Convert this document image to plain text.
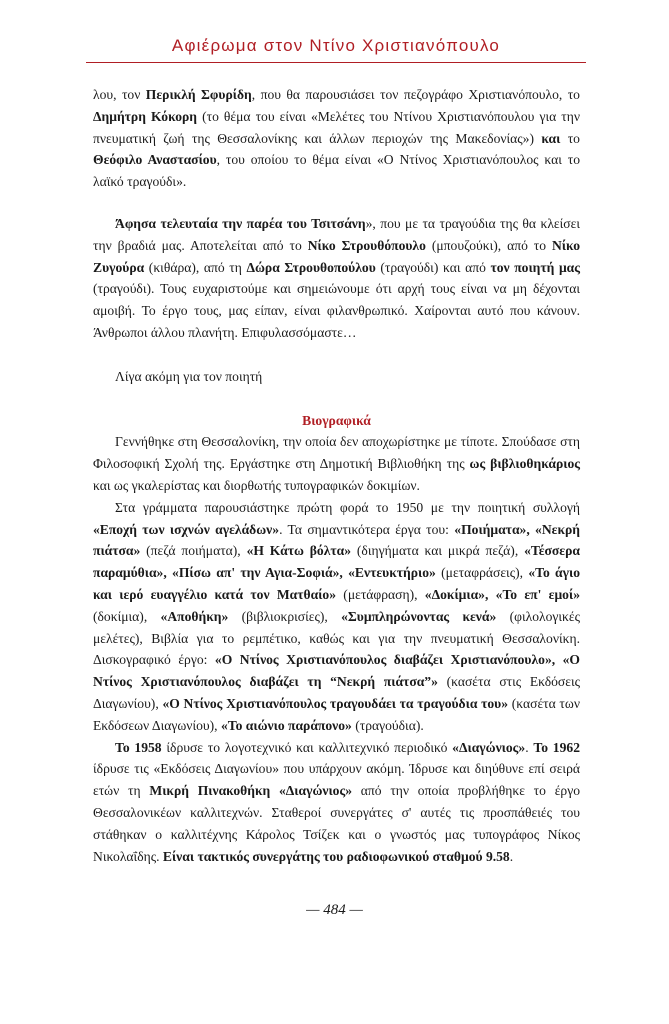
Αφιέρωμα στον Ντίνο Χριστιανόπουλο

λου, τον Περικλή Σφυρίδη, που θα παρουσιάσει τον πεζογράφο Χριστιανόπουλο, το Δημήτρη Κόκορη (το θέμα του είναι «Μελέτες του Ντίνου Χριστιανόπουλου για την πνευματική ζωή της Θεσσαλονίκης και άλλων περιοχών της Μακεδονίας») και το Θεόφιλο Αναστασίου, του οποίου το θέμα είναι «Ο Ντίνος Χριστιανόπουλος και το λαϊκό τραγούδι».

Άφησα τελευταία την παρέα του Τσιτσάνη», που με τα τραγούδια της θα κλείσει την βραδιά μας. Αποτελείται από το Νίκο Στρουθόπουλο (μπουζούκι), από το Νίκο Ζυγούρα (κιθάρα), από τη Δώρα Στρουθοπούλου (τραγούδι) και από τον ποιητή μας (τραγούδι). Τους ευχαριστούμε και σημειώνουμε ότι αρχή τους είναι να μη δέχονται αμοιβή. Το έργο τους, μας είπαν, είναι φιλανθρωπικό. Χαίρονται αυτό που κάνουν. Άνθρωποι άλλου πλανήτη. Επιφυλασσόμαστε…

Λίγα ακόμη για τον ποιητή

Βιογραφικά

Γεννήθηκε στη Θεσσαλονίκη, την οποία δεν αποχωρίστηκε με τίποτε. Σπούδασε στη Φιλοσοφική Σχολή της. Εργάστηκε στη Δημοτική Βιβλιοθήκη της ως βιβλιοθηκάριος και ως γκαλερίστας και διορθωτής τυπογραφικών δοκιμίων.

Στα γράμματα παρουσιάστηκε πρώτη φορά το 1950 με την ποιητική συλλογή «Εποχή των ισχνών αγελάδων». Τα σημαντικότερα έργα του: «Ποιήματα», «Νεκρή πιάτσα» (πεζά ποιήματα), «Η Κάτω βόλτα» (διηγήματα και μικρά πεζά), «Τέσσερα παραμύθια», «Πίσω απ' την Αγια-Σοφιά», «Εντευκτήριο» (μεταφράσεις), «Το άγιο και ιερό ευαγγέλιο κατά τον Ματθαίο» (μετάφραση), «Δοκίμια», «Το επ' εμοί» (δοκίμια), «Αποθήκη» (βιβλιοκρισίες), «Συμπληρώνοντας κενά» (φιλολογικές μελέτες), Βιβλία για το ρεμπέτικο, καθώς και για την πνευματική Θεσσαλονίκη. Δισκογραφικό έργο: «Ο Ντίνος Χριστιανόπουλος διαβάζει Χριστιανόπουλο», «Ο Ντίνος Χριστιανόπουλος διαβάζει τη “Νεκρή πιάτσα”» (κασέτα στις Εκδόσεις Διαγωνίου), «Ο Ντίνος Χριστιανόπουλος τραγουδάει τα τραγούδια του» (κασέτα των Εκδόσεων Διαγωνίου), «Το αιώνιο παράπονο» (τραγούδια).

Το 1958 ίδρυσε το λογοτεχνικό και καλλιτεχνικό περιοδικό «Διαγώνιος». Το 1962 ίδρυσε τις «Εκδόσεις Διαγωνίου» που υπάρχουν ακόμη. Ίδρυσε και διηύθυνε επί σειρά ετών τη Μικρή Πινακοθήκη «Διαγώνιος» από την οποία προβλήθηκε το έργο Θεσσαλονικέων καλλιτεχνών. Σταθεροί συνεργάτες σ' αυτές τις προσπάθειές του στάθηκαν ο καλλιτέχνης Κάρολος Τσίζεκ και ο γνωστός μας τυπογράφος Νίκος Νικολαΐδης. Είναι τακτικός συνεργάτης του ραδιοφωνικού σταθμού 9.58.

— 484 —
